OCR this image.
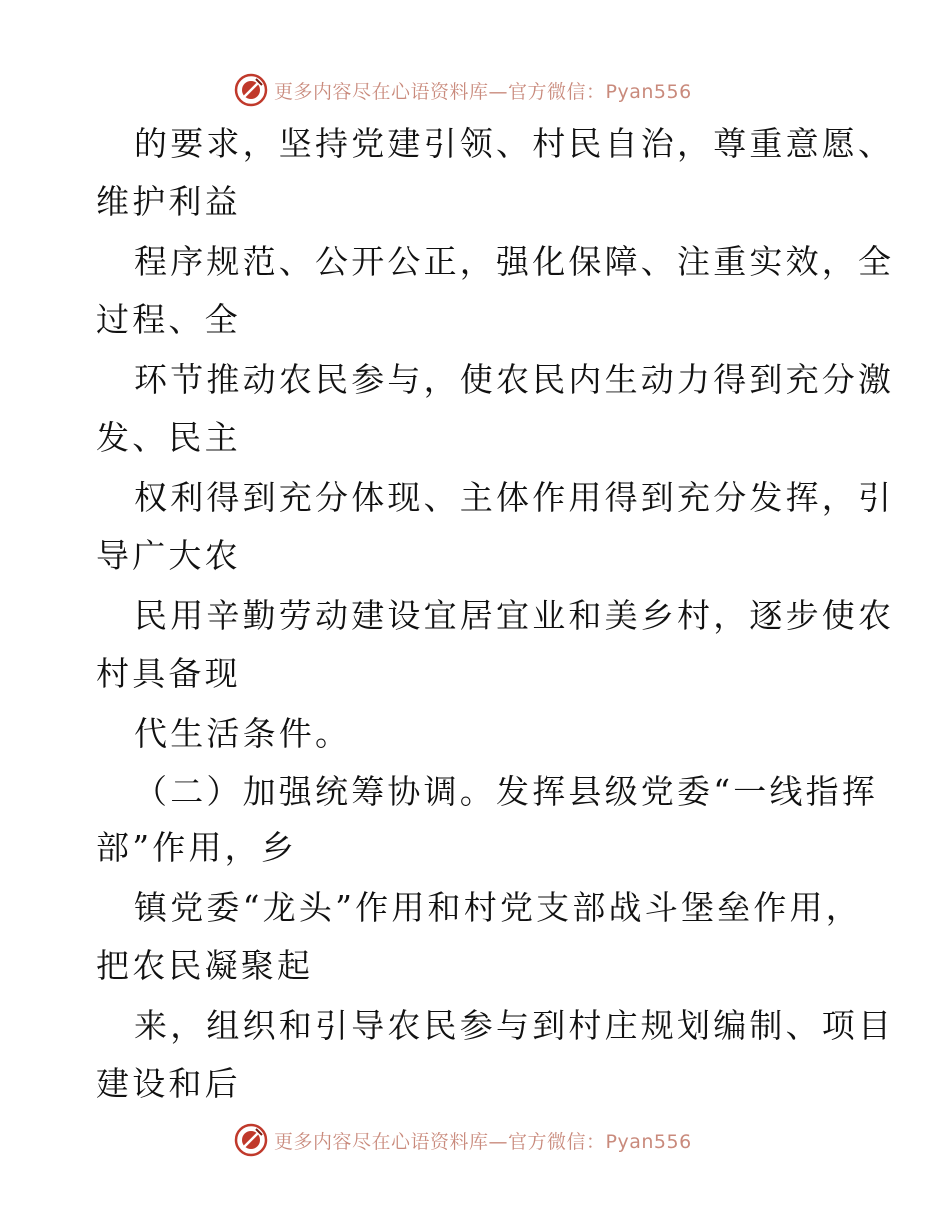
更多内容尽在心语资料库—官方微信：Pyan556
的要求，坚持党建引领、村民自治，尊重意愿、
维护利益
程序规范、公开公正，强化保障、注重实效，全
过程、全
环节推动农民参与，使农民内生动力得到充分激
发、民主
权利得到充分体现、主体作用得到充分发挥，引
导广大农
民用辛勤劳动建设宜居宜业和美乡村，逐步使农
村具备现
代生活条件。
（二）加强统筹协调。发挥县级党委“一线指挥
部”作用，乡
镇党委“龙头”作用和村党支部战斗堡垒作用，
把农民凝聚起
来，组织和引导农民参与到村庄规划编制、项目
建设和后
更多内容尽在心语资料库—官方微信：Pyan556
